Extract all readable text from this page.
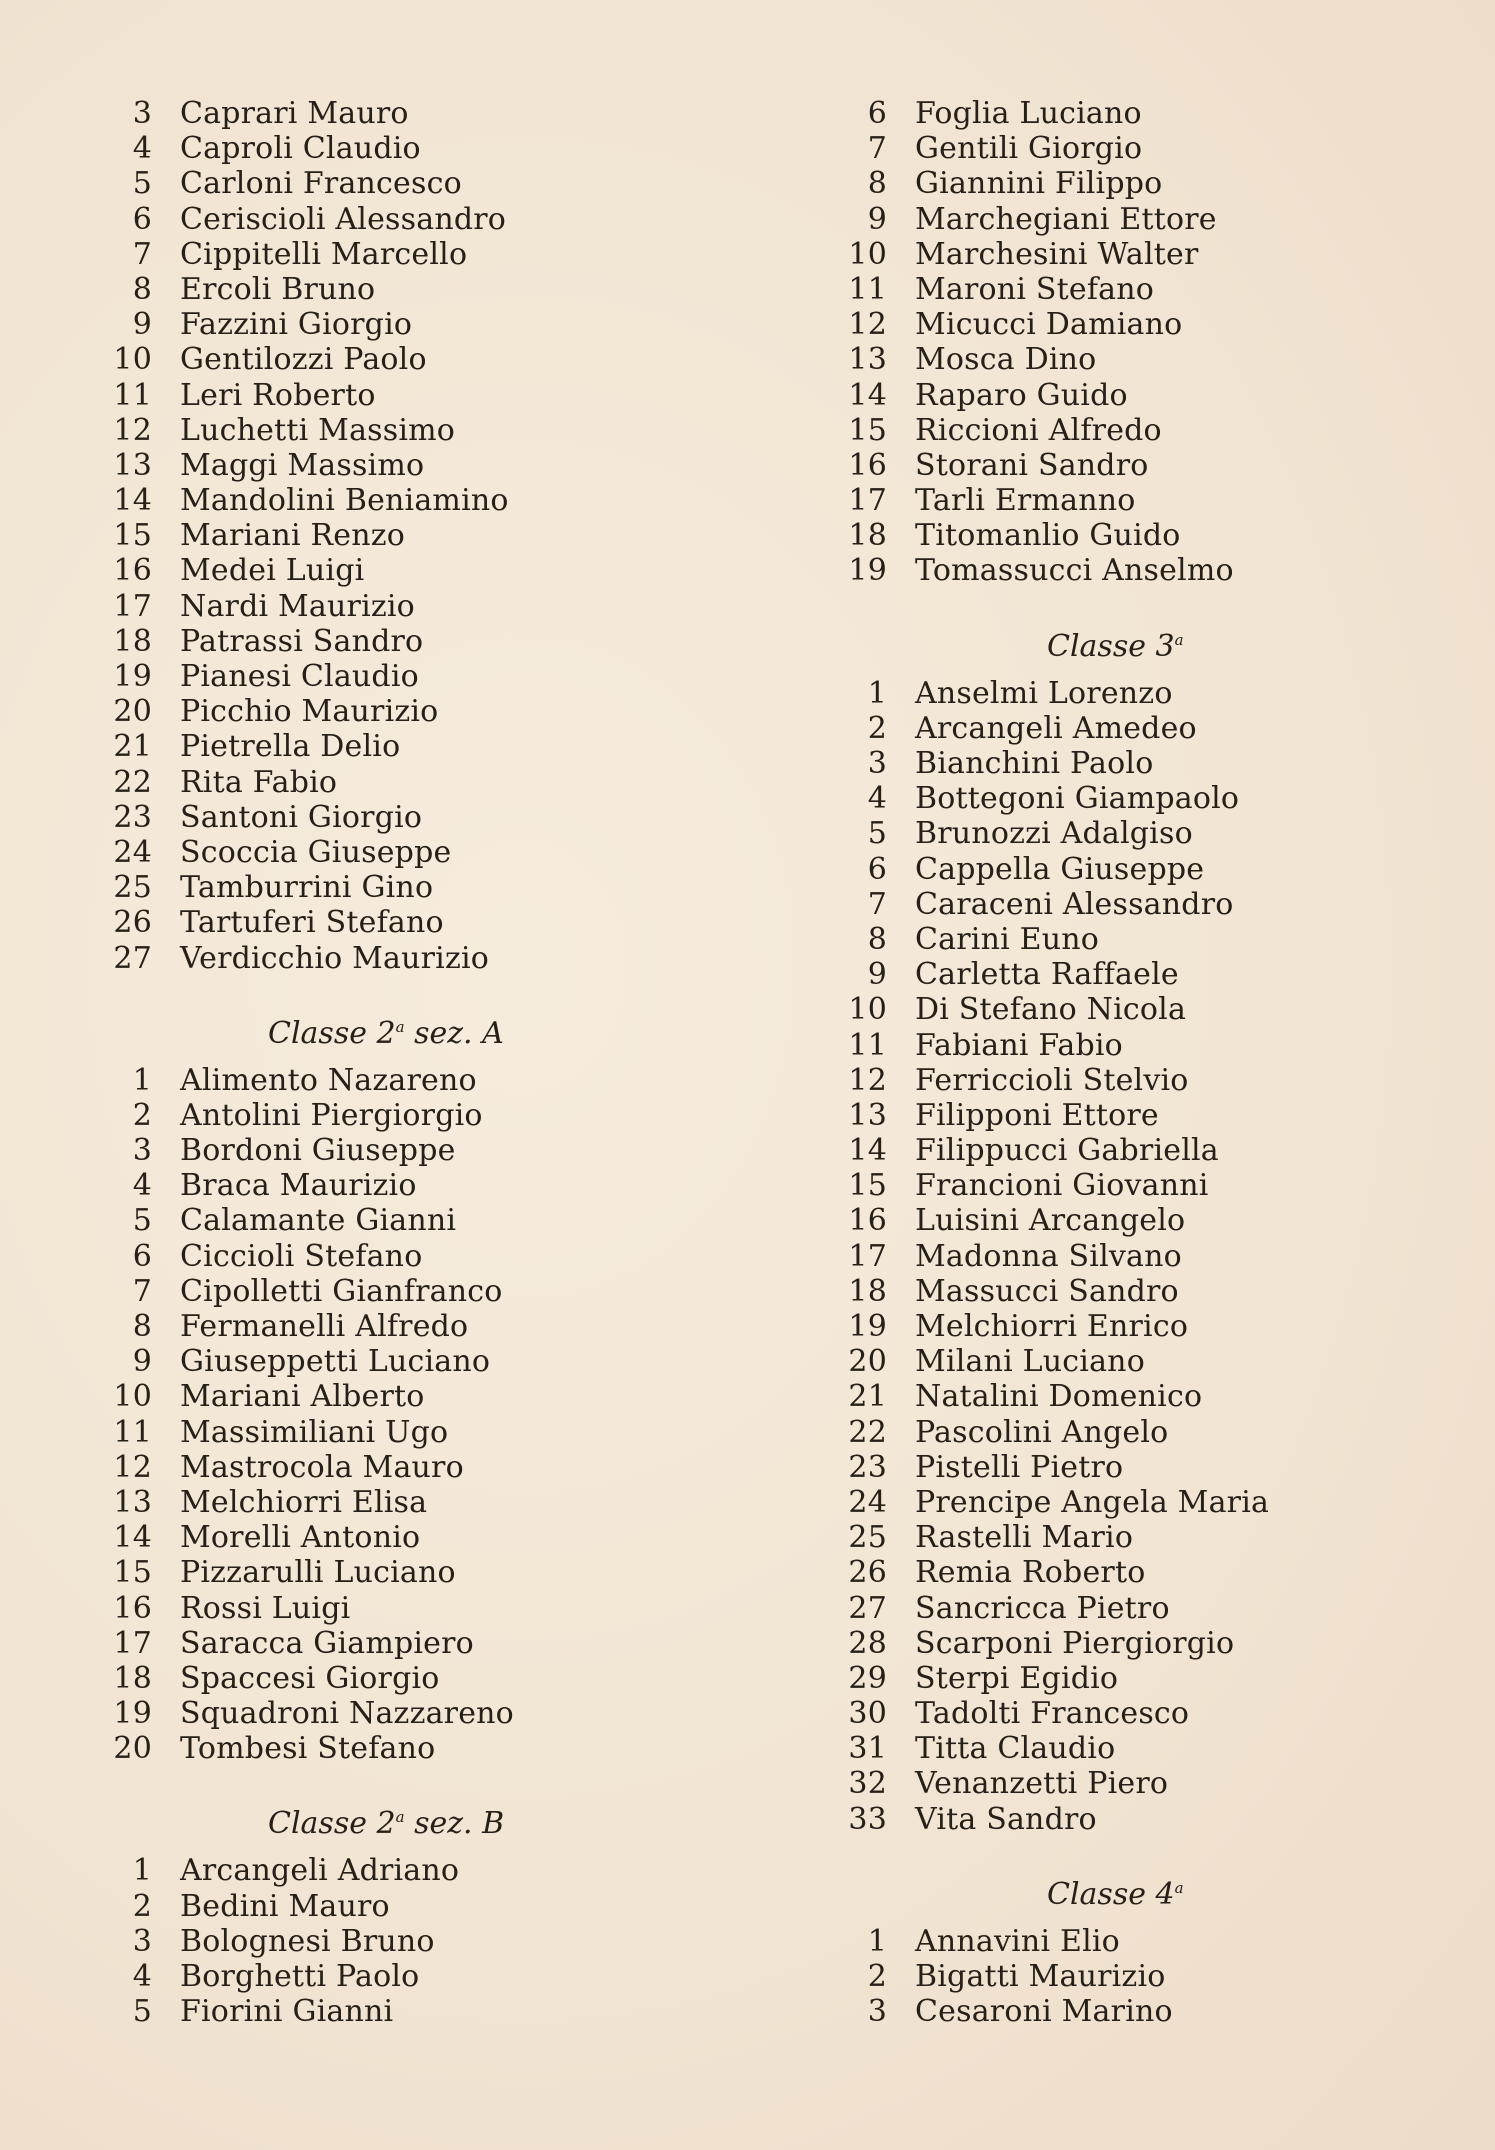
3 Caprari Mauro
4 Caproli Claudio
5 Carloni Francesco
6 Ceriscioli Alessandro
7 Cippitelli Marcello
8 Ercoli Bruno
9 Fazzini Giorgio
10 Gentilozzi Paolo
11 Leri Roberto
12 Luchetti Massimo
13 Maggi Massimo
14 Mandolini Beniamino
15 Mariani Renzo
16 Medei Luigi
17 Nardi Maurizio
18 Patrassi Sandro
19 Pianesi Claudio
20 Picchio Maurizio
21 Pietrella Delio
22 Rita Fabio
23 Santoni Giorgio
24 Scoccia Giuseppe
25 Tamburrini Gino
26 Tartuferi Stefano
27 Verdicchio Maurizio
Classe 2$^a$ sez. A
1 Alimento Nazareno
2 Antolini Piergiorgio
3 Bordoni Giuseppe
4 Braca Maurizio
5 Calamante Gianni
6 Ciccioli Stefano
7 Cipolletti Gianfranco
8 Fermanelli Alfredo
9 Giuseppetti Luciano
10 Mariani Alberto
11 Massimiliani Ugo
12 Mastrocola Mauro
13 Melchiorri Elisa
14 Morelli Antonio
15 Pizzarulli Luciano
16 Rossi Luigi
17 Saracca Giampiero
18 Spaccesi Giorgio
19 Squadroni Nazzareno
20 Tombesi Stefano
Classe 2$^a$ sez. B
1 Arcangeli Adriano
2 Bedini Mauro
3 Bolognesi Bruno
4 Borghetti Paolo
5 Fiorini Gianni
6 Foglia Luciano
7 Gentili Giorgio
8 Giannini Filippo
9 Marchegiani Ettore
10 Marchesini Walter
11 Maroni Stefano
12 Micucci Damiano
13 Mosca Dino
14 Raparo Guido
15 Riccioni Alfredo
16 Storani Sandro
17 Tarli Ermanno
18 Titomanlio Guido
19 Tomassucci Anselmo
Classe 3$^a$
1 Anselmi Lorenzo
2 Arcangeli Amedeo
3 Bianchini Paolo
4 Bottegoni Giampaolo
5 Brunozzi Adalgiso
6 Cappella Giuseppe
7 Caraceni Alessandro
8 Carini Euno
9 Carletta Raffaele
10 Di Stefano Nicola
11 Fabiani Fabio
12 Ferriccioli Stelvio
13 Filipponi Ettore
14 Filippucci Gabriella
15 Francioni Giovanni
16 Luisini Arcangelo
17 Madonna Silvano
18 Massucci Sandro
19 Melchiorri Enrico
20 Milani Luciano
21 Natalini Domenico
22 Pascolini Angelo
23 Pistelli Pietro
24 Prencipe Angela Maria
25 Rastelli Mario
26 Remia Roberto
27 Sancricca Pietro
28 Scarponi Piergiorgio
29 Sterpi Egidio
30 Tadolti Francesco
31 Titta Claudio
32 Venanzetti Piero
33 Vita Sandro
Classe 4$^a$
1 Annavini Elio
2 Bigatti Maurizio
3 Cesaroni Marino
